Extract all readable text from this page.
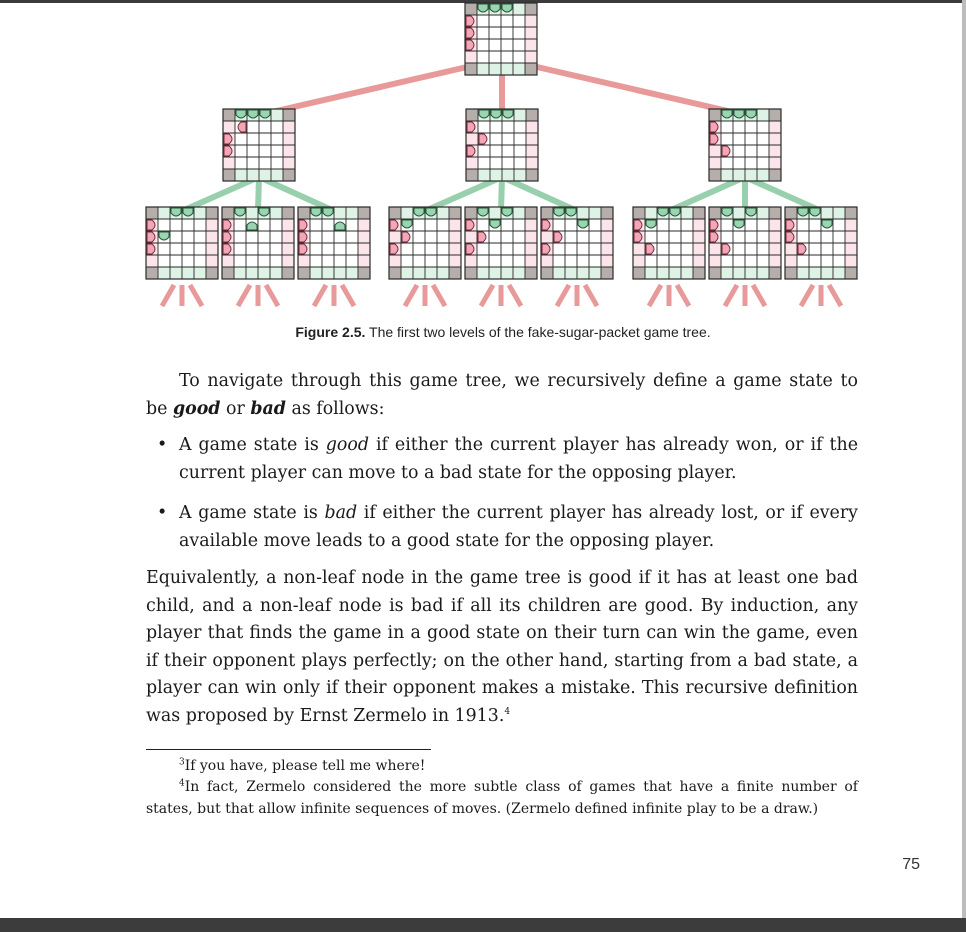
Figure 2.5. The first two levels of the fake-sugar-packet game tree.
To navigate through this game tree, we recursively define a game state to be good or bad as follows:
• A game state is good if either the current player has already won, or if the current player can move to a bad state for the opposing player.
• A game state is bad if either the current player has already lost, or if every available move leads to a good state for the opposing player.
Equivalently, a non-leaf node in the game tree is good if it has at least one bad child, and a non-leaf node is bad if all its children are good. By induction, any player that finds the game in a good state on their turn can win the game, even if their opponent plays perfectly; on the other hand, starting from a bad state, a player can win only if their opponent makes a mistake. This recursive definition was proposed by Ernst Zermelo in 1913.$^4$
$^3$If you have, please tell me where!
$^4$In fact, Zermelo considered the more subtle class of games that have a finite number of states, but that allow infinite sequences of moves. (Zermelo defined infinite play to be a draw.)
75
